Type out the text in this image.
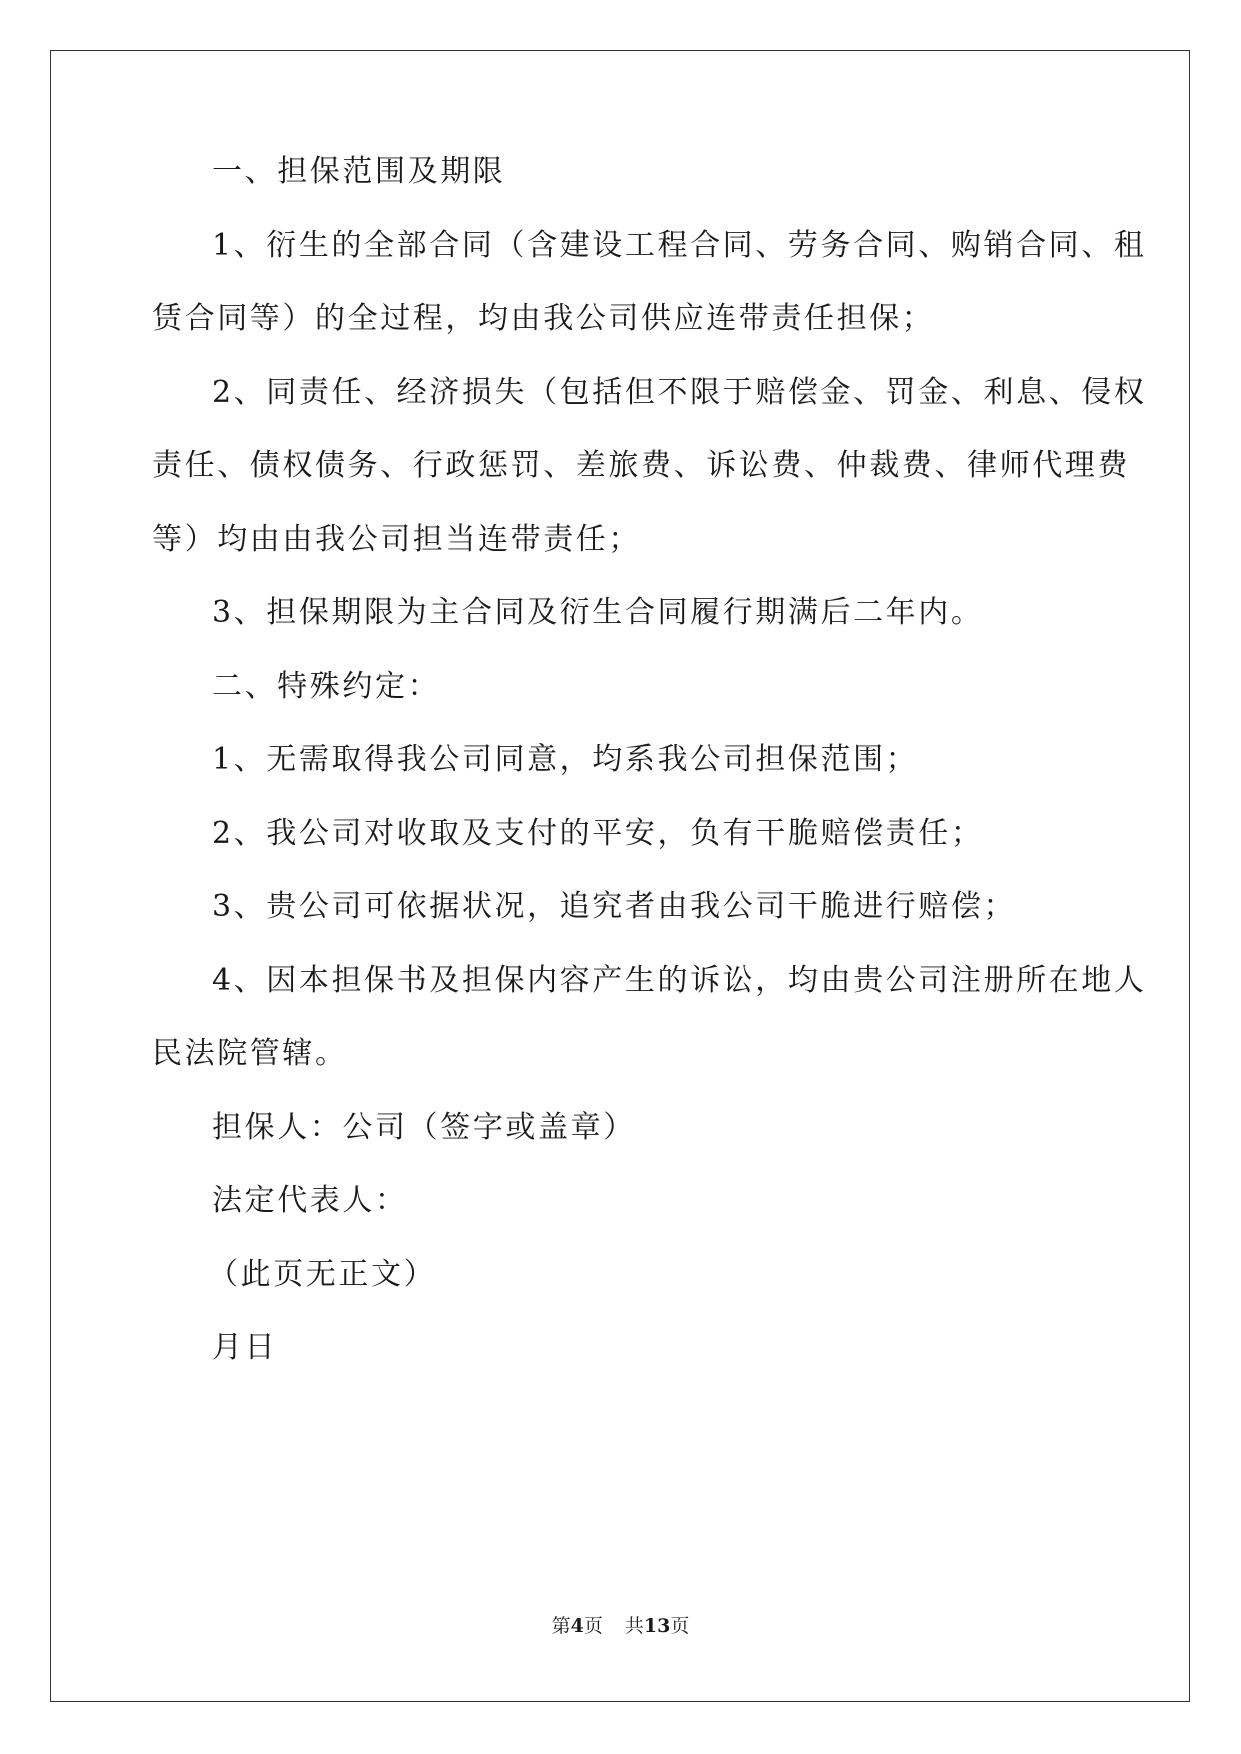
一、担保范围及期限
1、衍生的全部合同（含建设工程合同、劳务合同、购销合同、租
赁合同等）的全过程，均由我公司供应连带责任担保；
2、同责任、经济损失（包括但不限于赔偿金、罚金、利息、侵权
责任、债权债务、行政惩罚、差旅费、诉讼费、仲裁费、律师代理费
等）均由由我公司担当连带责任；
3、担保期限为主合同及衍生合同履行期满后二年内。
二、特殊约定：
1、无需取得我公司同意，均系我公司担保范围；
2、我公司对收取及支付的平安，负有干脆赔偿责任；
3、贵公司可依据状况，追究者由我公司干脆进行赔偿；
4、因本担保书及担保内容产生的诉讼，均由贵公司注册所在地人
民法院管辖。
担保人：公司（签字或盖章）
法定代表人：
（此页无正文）
月日
第4页 共13页
